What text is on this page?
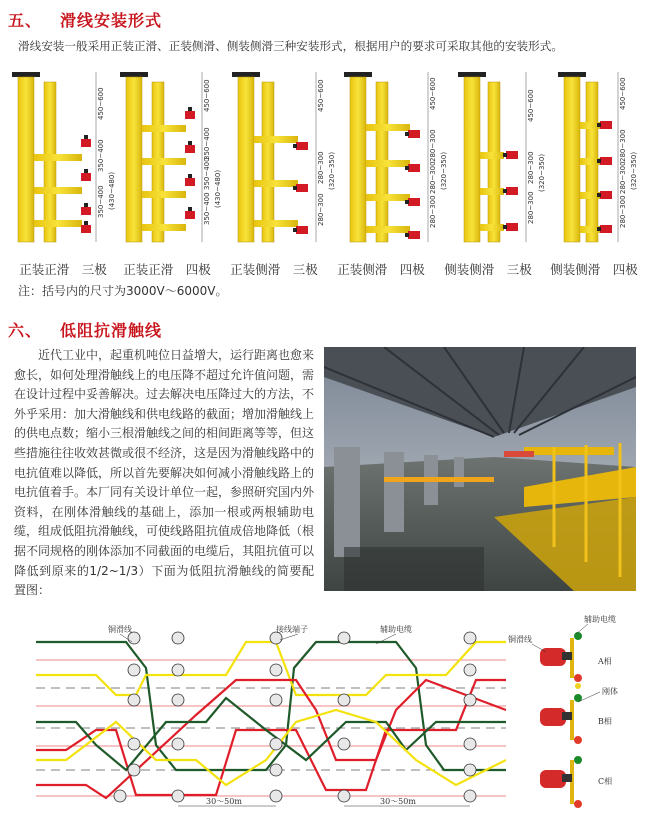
五、 滑线安装形式
滑线安装一般采用正装正滑、正装侧滑、侧装侧滑三种安装形式，根据用户的要求可采取其他的安装形式。
450~600
350~400
350~400 (430~480)
450~600
350~400
350~400
350~400
(430~480)
450~600
280~300
280~300
(320~350)
450~600
280~300
280~300
280~300
(320~350)
450~600
280~300
280~300
(320~350)
450~600
280~300
280~300
280~300
(320~350)
正装正滑　三极	正装正滑　四极	正装侧滑　三极	正装侧滑　四极	侧装侧滑　三极	侧装侧滑　四极
注：括号内的尺寸为3000V～6000V。
六、 低阻抗滑触线

近代工业中，起重机吨位日益增大，运行距离也愈来愈长，如何处理滑触线上的电压降不超过允许值问题，需在设计过程中妥善解决。过去解决电压降过大的方法，不外乎采用：加大滑触线和供电线路的截面；增加滑触线上的供电点数；缩小三根滑触线之间的相间距离等等，但这些措施往往收效甚微或很不经济，这是因为滑触线路中的电抗值难以降低，所以首先要解决如何减小滑触线路上的电抗值着手。本厂同有关设计单位一起，参照研究国内外资料，在刚体滑触线的基础上，添加一根或两根辅助电缆，组成低阻抗滑触线，可使线路阻抗值成倍地降低（根据不同规格的刚体添加不同截面的电缆后，其阻抗值可以降低到原来的1/2~1/3）下面为低阻抗滑触线的简要配置图：

铜滑线	接线端子	辅助电缆
30～50m	30～50m
铜滑线
辅助电缆
A相
刚体
B相
C相
